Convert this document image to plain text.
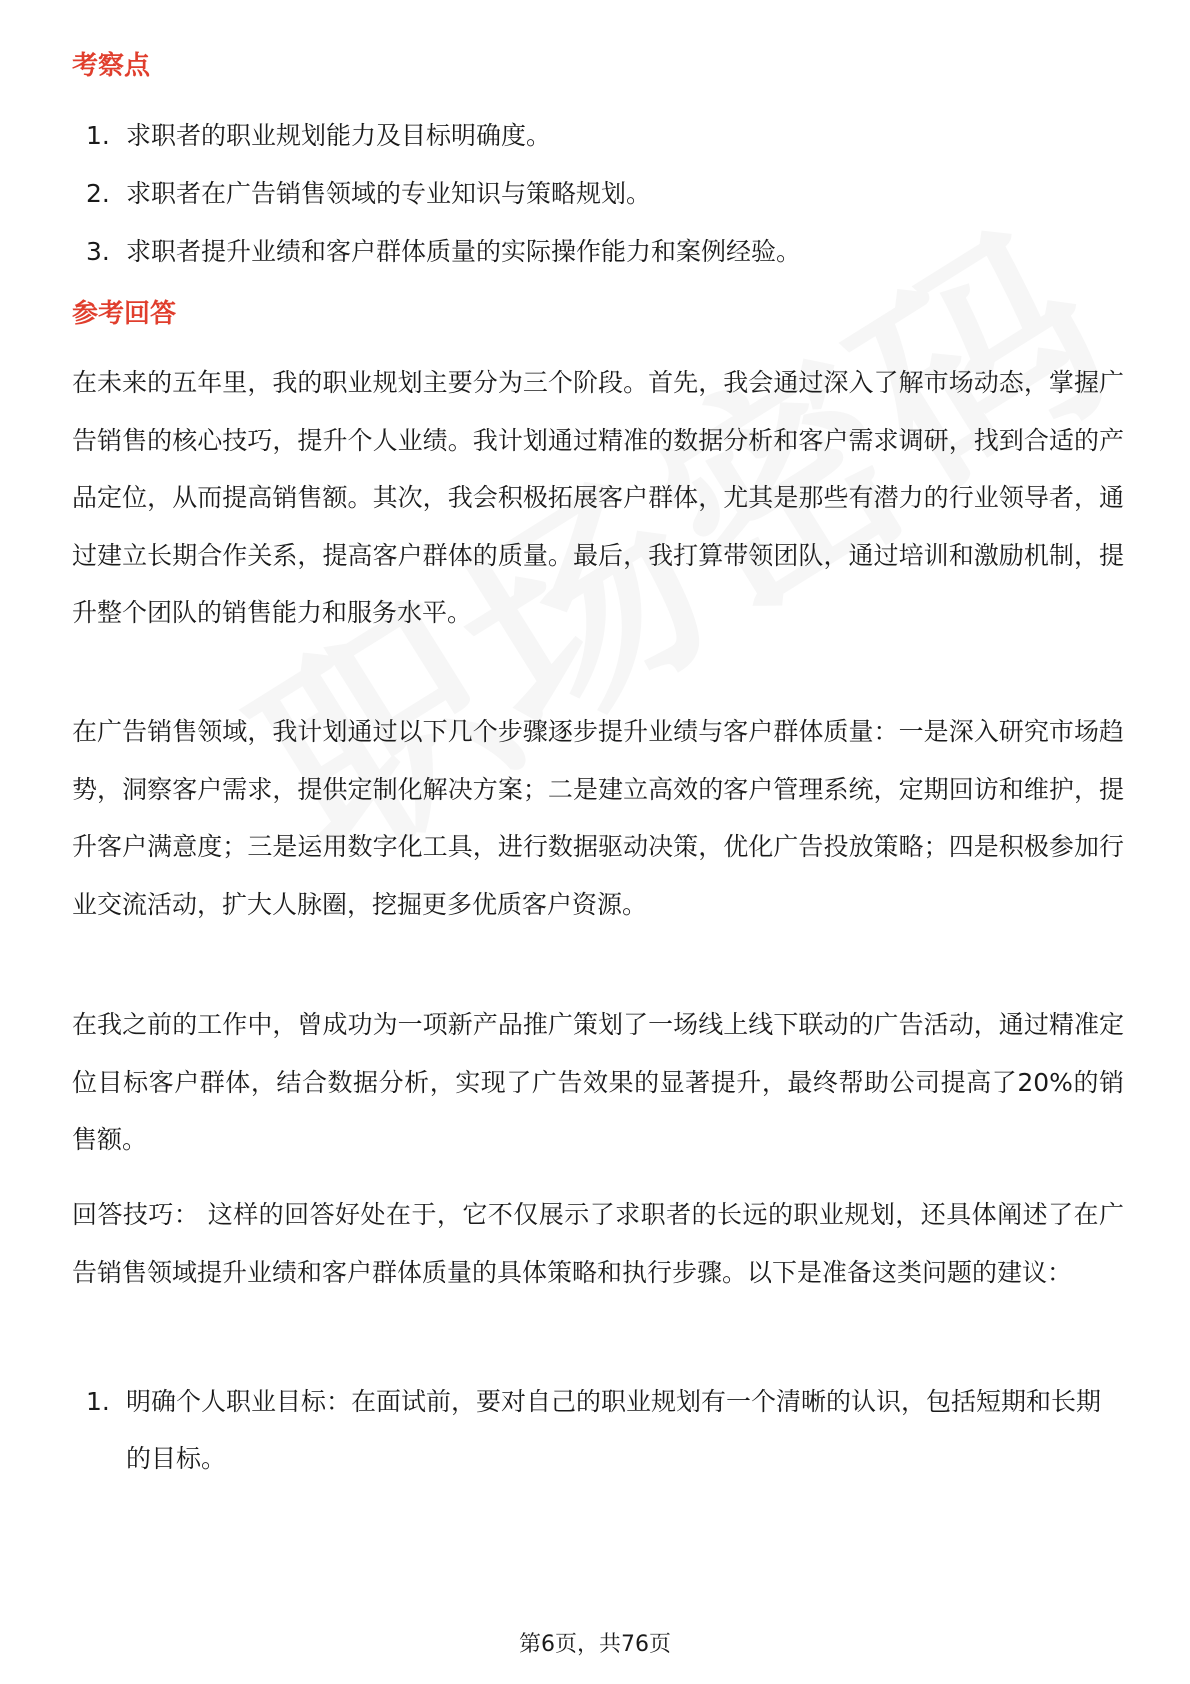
考察点
1. 求职者的职业规划能力及目标明确度。
2. 求职者在广告销售领域的专业知识与策略规划。
3. 求职者提升业绩和客户群体质量的实际操作能力和案例经验。
参考回答

在未来的五年里，我的职业规划主要分为三个阶段。首先，我会通过深入了解市场动态，掌握广告销售的核心技巧，提升个人业绩。我计划通过精准的数据分析和客户需求调研，找到合适的产品定位，从而提高销售额。其次，我会积极拓展客户群体，尤其是那些有潜力的行业领导者，通过建立长期合作关系，提高客户群体的质量。最后，我打算带领团队，通过培训和激励机制，提升整个团队的销售能力和服务水平。

在广告销售领域，我计划通过以下几个步骤逐步提升业绩与客户群体质量：一是深入研究市场趋势，洞察客户需求，提供定制化解决方案；二是建立高效的客户管理系统，定期回访和维护，提升客户满意度；三是运用数字化工具，进行数据驱动决策，优化广告投放策略；四是积极参加行业交流活动，扩大人脉圈，挖掘更多优质客户资源。

在我之前的工作中，曾成功为一项新产品推广策划了一场线上线下联动的广告活动，通过精准定位目标客户群体，结合数据分析，实现了广告效果的显著提升，最终帮助公司提高了20%的销售额。

回答技巧： 这样的回答好处在于，它不仅展示了求职者的长远的职业规划，还具体阐述了在广告销售领域提升业绩和客户群体质量的具体策略和执行步骤。以下是准备这类问题的建议：

1. 明确个人职业目标：在面试前，要对自己的职业规划有一个清晰的认识，包括短期和长期的目标。
第6页，共76页
